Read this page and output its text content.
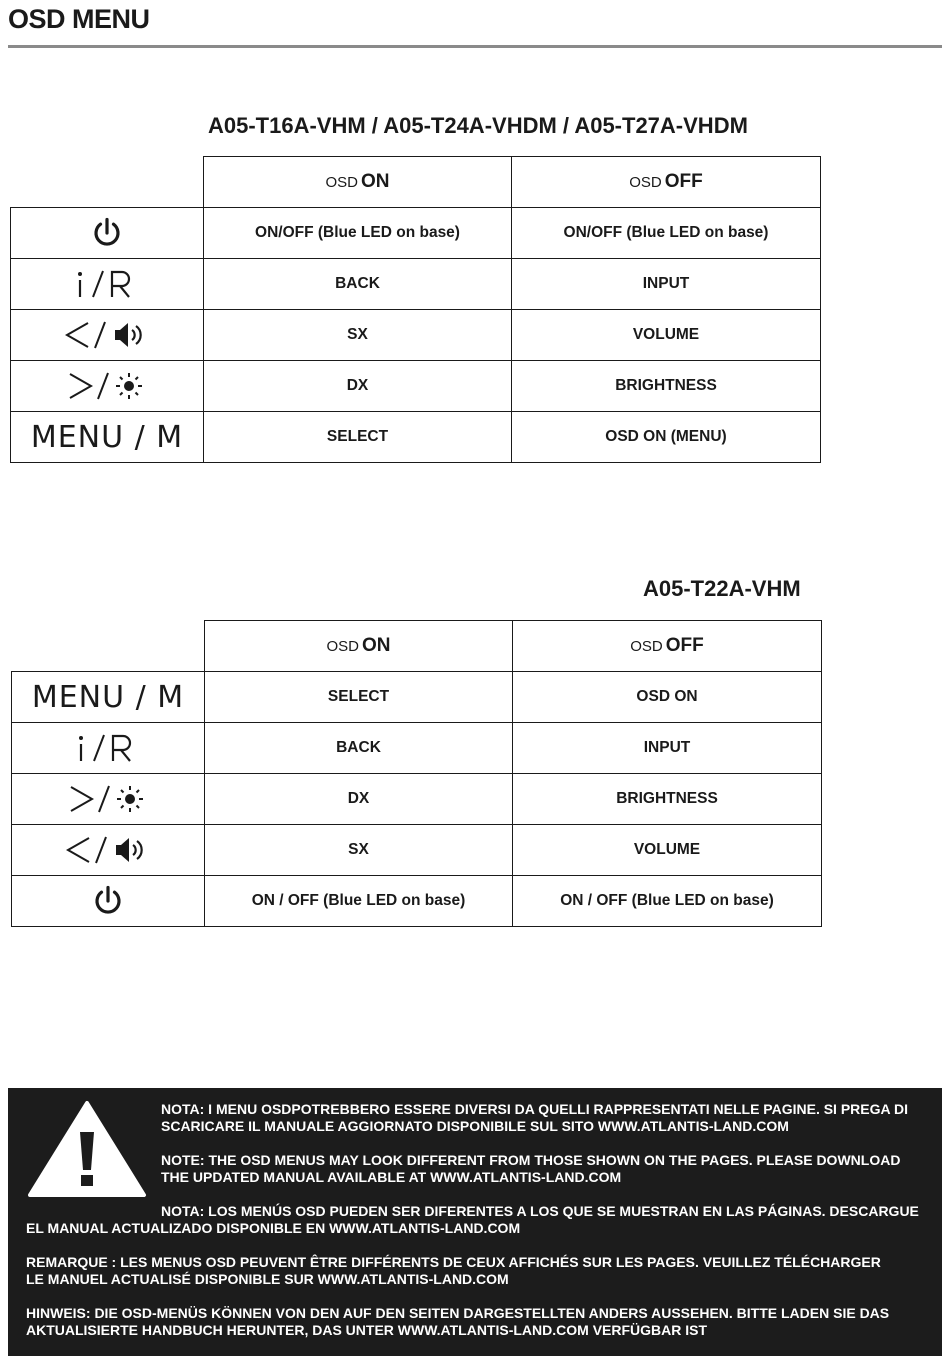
OSD MENU
A05-T16A-VHM / A05-T24A-VHDM / A05-T27A-VHDM
	OSD ON	OSD OFF
	ON/OFF (Blue LED on base)	ON/OFF (Blue LED on base)
	BACK	INPUT
	SX	VOLUME
	DX	BRIGHTNESS
MENU / M	SELECT	OSD ON (MENU)
A05-T22A-VHM
	OSD ON	OSD OFF
MENU / M	SELECT	OSD ON
	BACK	INPUT
	DX	BRIGHTNESS
	SX	VOLUME
	ON / OFF (Blue LED on base)	ON / OFF (Blue LED on base)

NOTA: I MENU OSDPOTREBBERO ESSERE DIVERSI DA QUELLI RAPPRESENTATI NELLE PAGINE. SI PREGA DI SCARICARE IL MANUALE AGGIORNATO DISPONIBILE SUL SITO WWW.ATLANTIS-LAND.COM

NOTE: THE OSD MENUS MAY LOOK DIFFERENT FROM THOSE SHOWN ON THE PAGES. PLEASE DOWNLOAD THE UPDATED MANUAL AVAILABLE AT WWW.ATLANTIS-LAND.COM

NOTA: LOS MENÚS OSD PUEDEN SER DIFERENTES A LOS QUE SE MUESTRAN EN LAS PÁGINAS. DESCARGUE EL MANUAL ACTUALIZADO DISPONIBLE EN WWW.ATLANTIS-LAND.COM

REMARQUE : LES MENUS OSD PEUVENT ÊTRE DIFFÉRENTS DE CEUX AFFICHÉS SUR LES PAGES. VEUILLEZ TÉLÉCHARGER LE MANUEL ACTUALISÉ DISPONIBLE SUR WWW.ATLANTIS-LAND.COM

HINWEIS: DIE OSD-MENÜS KÖNNEN VON DEN AUF DEN SEITEN DARGESTELLTEN ANDERS AUSSEHEN. BITTE LADEN SIE DAS AKTUALISIERTE HANDBUCH HERUNTER, DAS UNTER WWW.ATLANTIS-LAND.COM VERFÜGBAR IST
